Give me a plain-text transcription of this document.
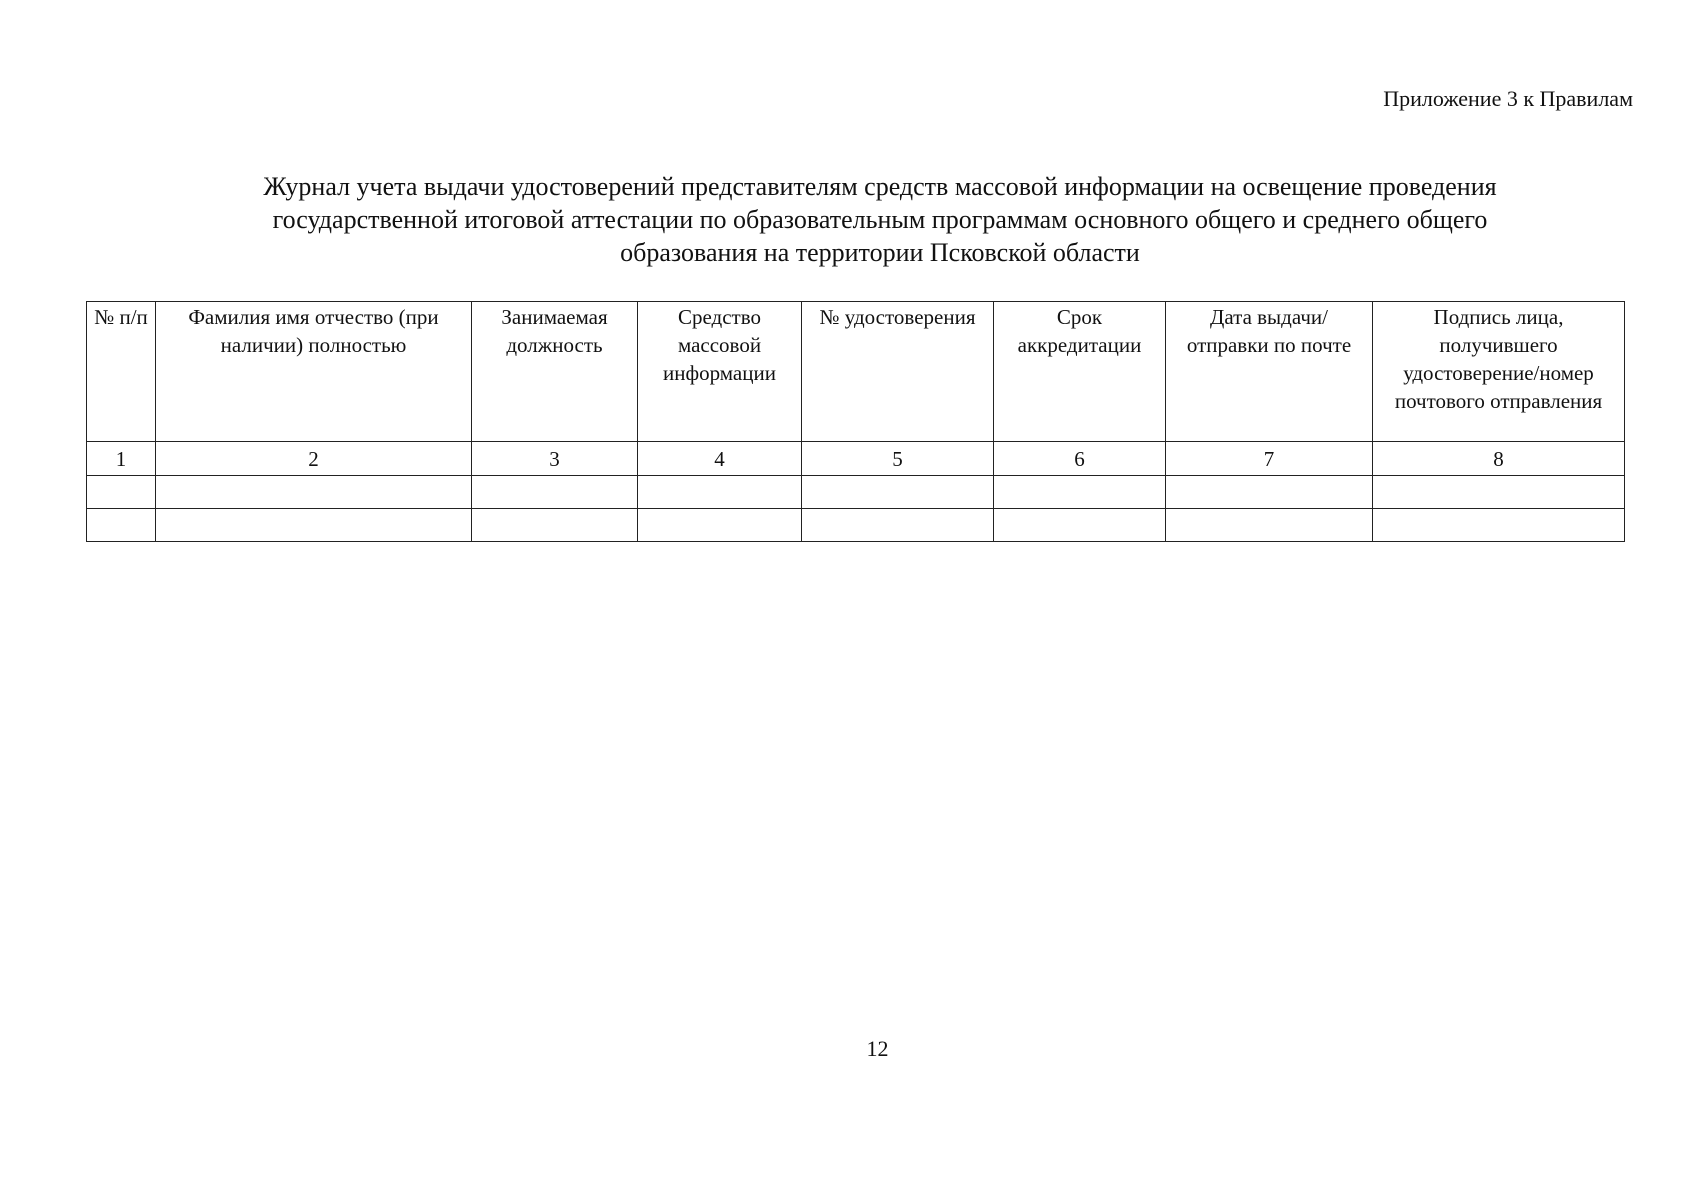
Приложение 3 к Правилам
Журнал учета выдачи удостоверений представителям средств массовой информации на освещение проведения
государственной итоговой аттестации по образовательным программам основного общего и среднего общего
образования на территории Псковской области
№ п/п	Фамилия имя отчество (при наличии) полностью	Занимаемая должность	Средство массовой информации	№ удостоверения	Срок аккредитации	Дата выдачи/отправки по почте	Подпись лица, получившего удостоверение/номер почтового отправления
1	2	3	4	5	6	7	8

12
